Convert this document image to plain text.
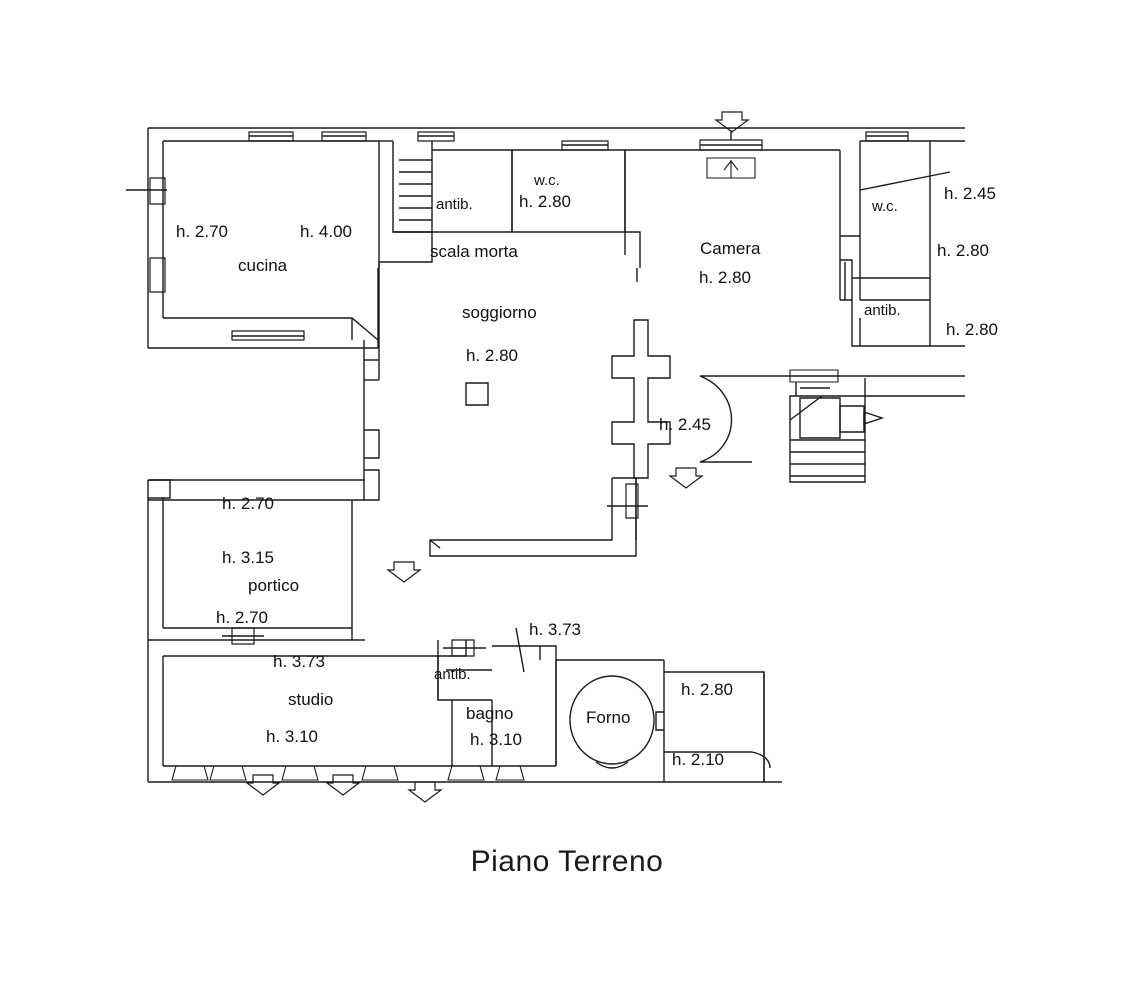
h. 2.70	h. 4.00
cucina
antib.
scala morta
w.c.
h. 2.80
Camera
h. 2.80
w.c.
h. 2.45
h. 2.80
antib.
h. 2.80
soggiorno
h. 2.80
h. 2.45
h. 2.70
h. 3.15
portico
h. 2.70
h. 3.73
studio
h. 3.10
h. 3.73
antib.
bagno
h. 3.10
Forno
h. 2.80
h. 2.10
Piano Terreno
